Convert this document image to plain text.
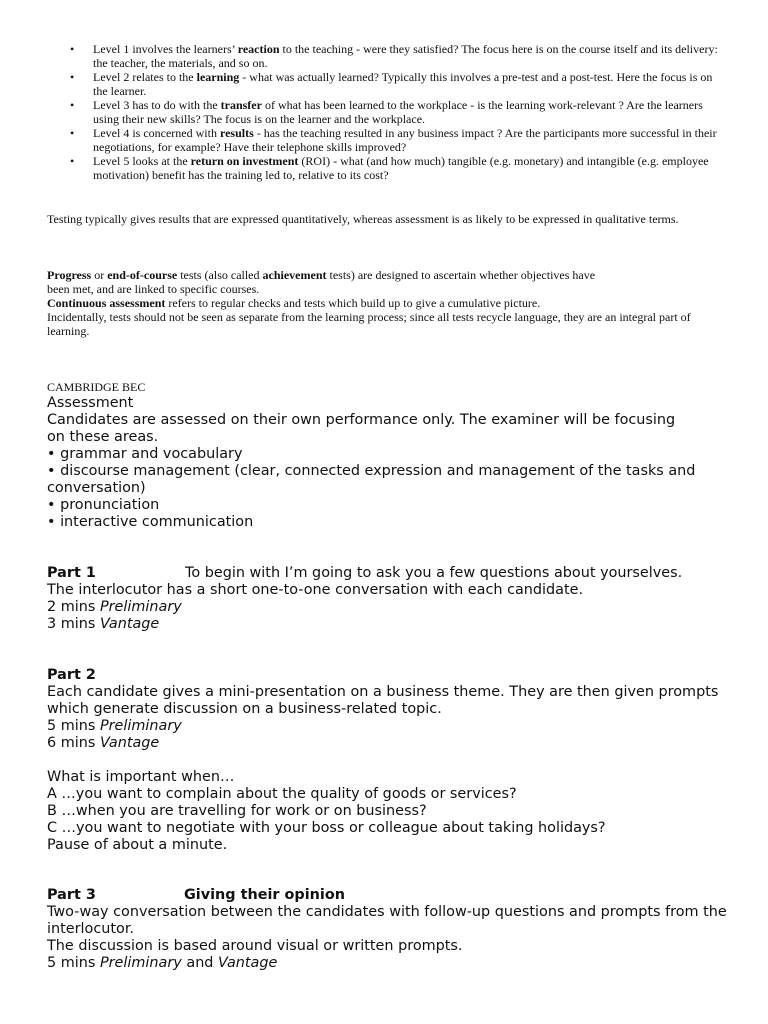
• Level 1 involves the learners’ reaction to the teaching - were they satisfied? The focus here is on the course itself and its delivery: the teacher, the materials, and so on.
• Level 2 relates to the learning - what was actually learned? Typically this involves a pre-test and a post-test. Here the focus is on the learner.
• Level 3 has to do with the transfer of what has been learned to the workplace - is the learning work-relevant ? Are the learners using their new skills? The focus is on the learner and the workplace.
• Level 4 is concerned with results - has the teaching resulted in any business impact ? Are the participants more successful in their negotiations, for example? Have their telephone skills improved?
• Level 5 looks at the return on investment (ROI) - what (and how much) tangible (e.g. monetary) and intangible (e.g. employee motivation) benefit has the training led to, relative to its cost?

Testing typically gives results that are expressed quantitatively, whereas assessment is as likely to be expressed in qualitative terms.

Progress or end-of-course tests (also called achievement tests) are designed to ascertain whether objectives have

been met, and are linked to specific courses.

Continuous assessment refers to regular checks and tests which build up to give a cumulative picture.

Incidentally, tests should not be seen as separate from the learning process; since all tests recycle language, they are an integral part of learning.

CAMBRIDGE BEC

Assessment

Candidates are assessed on their own performance only. The examiner will be focusing

on these areas.

• grammar and vocabulary

• discourse management (clear, connected expression and management of the tasks and conversation)

• pronunciation

• interactive communication

Part 1	To begin with I’m going to ask you a few questions about yourselves.

The interlocutor has a short one-to-one conversation with each candidate.

2 mins Preliminary

3 mins Vantage

Part 2

Each candidate gives a mini-presentation on a business theme. They are then given prompts which generate discussion on a business-related topic.

5 mins Preliminary

6 mins Vantage

What is important when…

A …you want to complain about the quality of goods or services?

B …when you are travelling for work or on business?

C …you want to negotiate with your boss or colleague about taking holidays?

Pause of about a minute.

Part 3	Giving their opinion

Two-way conversation between the candidates with follow-up questions and prompts from the interlocutor.

The discussion is based around visual or written prompts.

5 mins Preliminary and Vantage
